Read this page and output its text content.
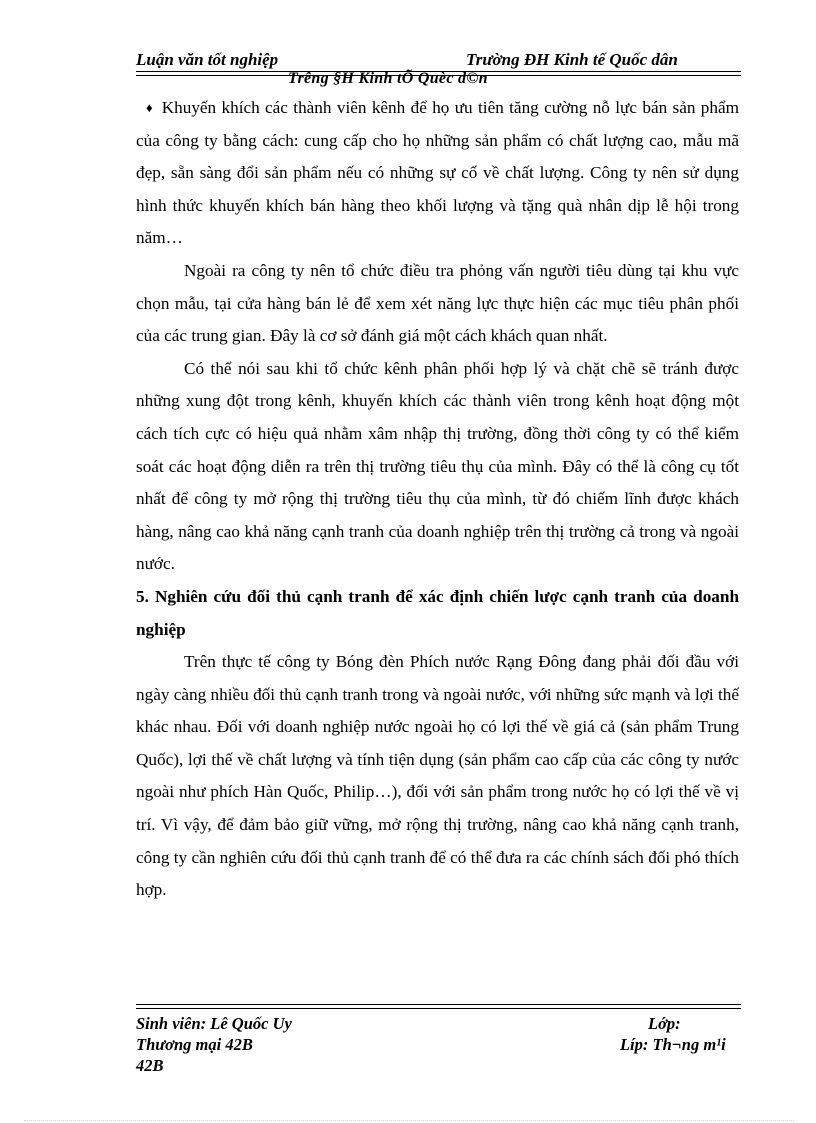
Luận văn tốt nghiệp	Trường ĐH Kinh tế Quốc dân
Trêng §H Kinh tÕ Quèc d©n

♦ Khuyến khích các thành viên kênh để họ ưu tiên tăng cường nỗ lực bán sản phẩm của công ty bằng cách: cung cấp cho họ những sản phẩm có chất lượng cao, mẫu mã đẹp, sẵn sàng đổi sản phẩm nếu có những sự cố về chất lượng. Công ty nên sử dụng hình thức khuyến khích bán hàng theo khối lượng và tặng quà nhân dịp lễ hội trong năm…

Ngoài ra công ty nên tổ chức điều tra phỏng vấn người tiêu dùng tại khu vực chọn mẫu, tại cửa hàng bán lẻ để xem xét năng lực thực hiện các mục tiêu phân phối của các trung gian. Đây là cơ sở đánh giá một cách khách quan nhất.

Có thể nói sau khi tổ chức kênh phân phối hợp lý và chặt chẽ sẽ tránh được những xung đột trong kênh, khuyến khích các thành viên trong kênh hoạt động một cách tích cực có hiệu quả nhằm xâm nhập thị trường, đồng thời công ty có thể kiểm soát các hoạt động diễn ra trên thị trường tiêu thụ của mình. Đây có thể là công cụ tốt nhất để công ty mở rộng thị trường tiêu thụ của mình, từ đó chiếm lĩnh được khách hàng, nâng cao khả năng cạnh tranh của doanh nghiệp trên thị trường cả trong và ngoài nước.

5. Nghiên cứu đối thủ cạnh tranh để xác định chiến lược cạnh tranh của doanh nghiệp

Trên thực tế công ty Bóng đèn Phích nước Rạng Đông đang phải đối đầu với ngày càng nhiều đối thủ cạnh tranh trong và ngoài nước, với những sức mạnh và lợi thế khác nhau. Đối với doanh nghiệp nước ngoài họ có lợi thế về giá cả (sản phẩm Trung Quốc), lợi thế về chất lượng và tính tiện dụng (sản phẩm cao cấp của các công ty nước ngoài như phích Hàn Quốc, Philip…), đối với sản phẩm trong nước họ có lợi thế về vị trí. Vì vậy, để đảm bảo giữ vững, mở rộng thị trường, nâng cao khả năng cạnh tranh, công ty cần nghiên cứu đối thủ cạnh tranh để có thể đưa ra các chính sách đối phó thích hợp.

Sinh viên: Lê Quốc Uy	Lớp:
Thương mại 42B	Líp: Th¬ng m¹i
42B
